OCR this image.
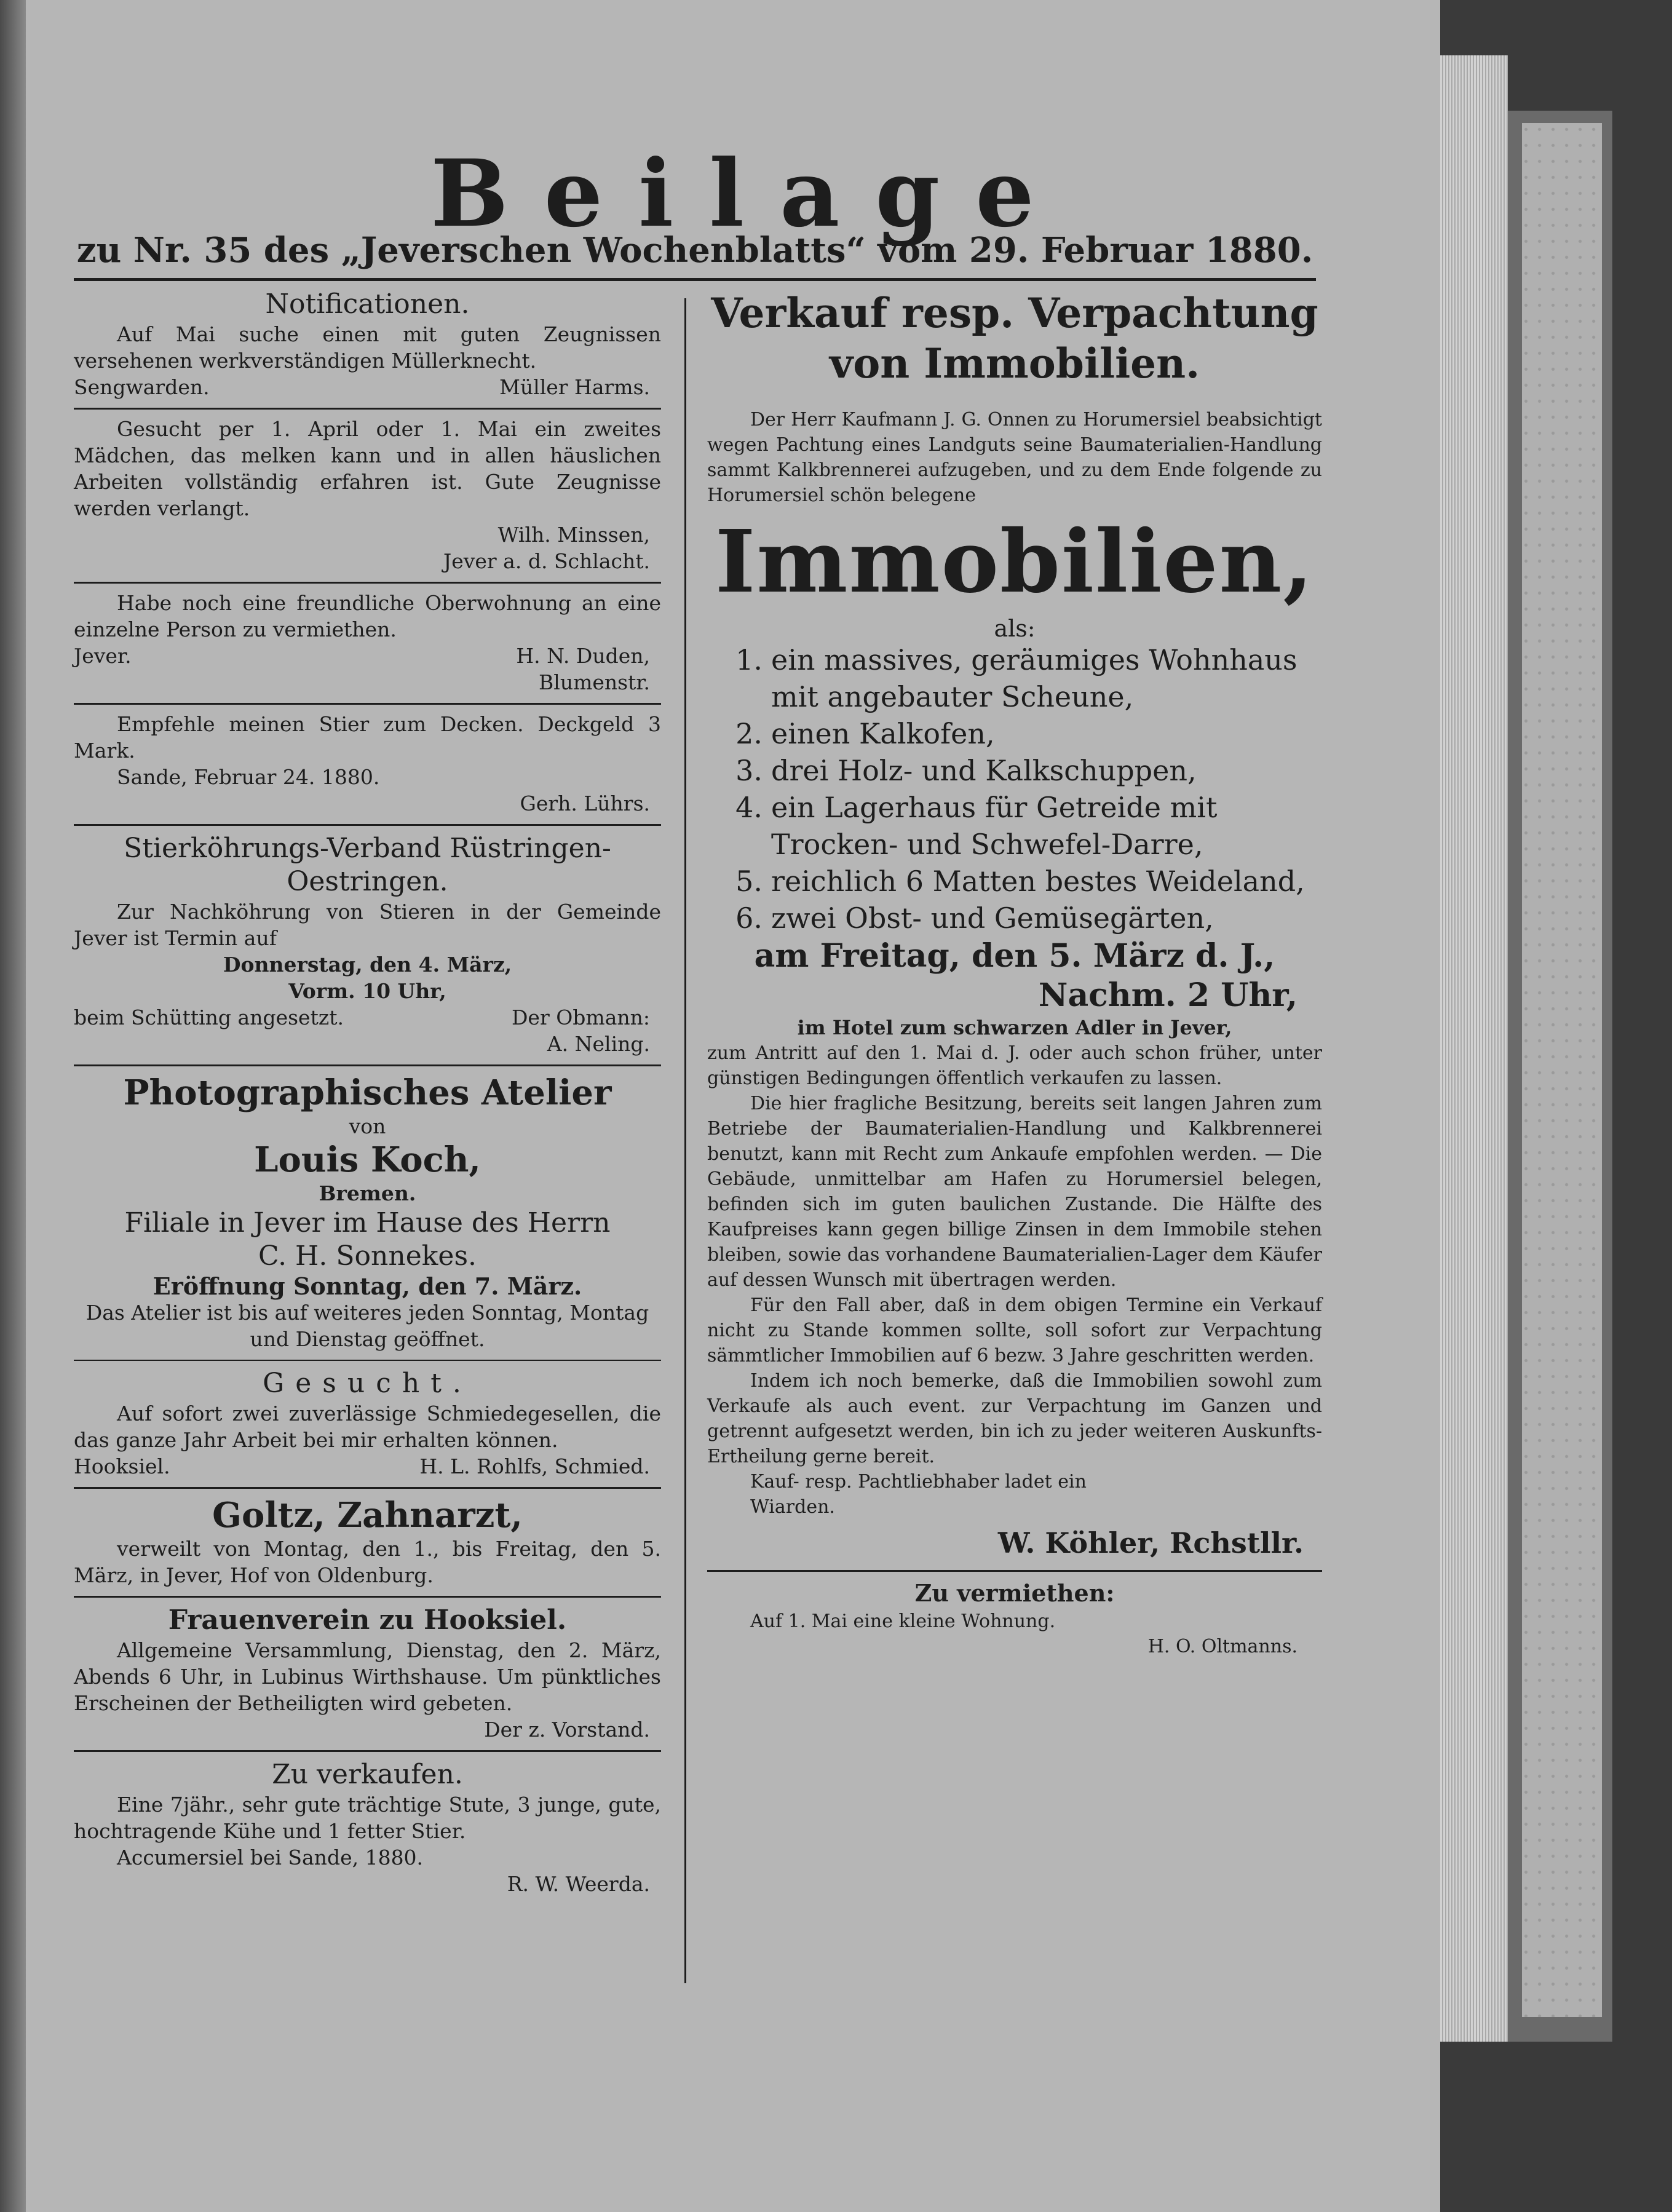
Beilage
zu Nr. 35 des „Jeverschen Wochenblatts“ vom 29. Februar 1880.
Notificationen.
Auf Mai suche einen mit guten Zeugnissen versehenen werkverständigen Müllerknecht.
Sengwarden.	Müller Harms.
Gesucht per 1. April oder 1. Mai ein zweites Mädchen, das melken kann und in allen häuslichen Arbeiten vollständig erfahren ist. Gute Zeugnisse werden verlangt.
Wilh. Minssen,
Jever a. d. Schlacht.
Habe noch eine freundliche Oberwohnung an eine einzelne Person zu vermiethen.
Jever.	H. N. Duden,
Blumenstr.
Empfehle meinen Stier zum Decken. Deckgeld 3 Mark.
Sande, Februar 24. 1880.
Gerh. Lührs.
Stierköhrungs-Verband Rüstringen-Oestringen.
Zur Nachköhrung von Stieren in der Gemeinde Jever ist Termin auf
Donnerstag, den 4. März,
Vorm. 10 Uhr,
beim Schütting angesetzt.	Der Obmann:
A. Neling.
Photographisches Atelier
von
Louis Koch,
Bremen.
Filiale in Jever im Hause des Herrn
C. H. Sonnekes.
Eröffnung Sonntag, den 7. März.
Das Atelier ist bis auf weiteres jeden Sonntag, Montag und Dienstag geöffnet.
Gesucht.
Auf sofort zwei zuverlässige Schmiedegesellen, die das ganze Jahr Arbeit bei mir erhalten können.
Hooksiel.	H. L. Rohlfs, Schmied.
Goltz, Zahnarzt,
verweilt von Montag, den 1., bis Freitag, den 5. März, in Jever, Hof von Oldenburg.
Frauenverein zu Hooksiel.
Allgemeine Versammlung, Dienstag, den 2. März, Abends 6 Uhr, in Lubinus Wirthshause. Um pünktliches Erscheinen der Betheiligten wird gebeten.
Der z. Vorstand.
Zu verkaufen.
Eine 7jähr., sehr gute trächtige Stute, 3 junge, gute, hochtragende Kühe und 1 fetter Stier.
Accumersiel bei Sande, 1880.
R. W. Weerda.
Verkauf resp. Verpachtung
von Immobilien.
Der Herr Kaufmann J. G. Onnen zu Horumersiel beabsichtigt wegen Pachtung eines Landguts seine Baumaterialien-Handlung sammt Kalkbrennerei aufzugeben, und zu dem Ende folgende zu Horumersiel schön belegene
Immobilien,
als:
1. ein massives, geräumiges Wohnhaus mit angebauter Scheune,
2. einen Kalkofen,
3. drei Holz- und Kalkschuppen,
4. ein Lagerhaus für Getreide mit Trocken- und Schwefel-Darre,
5. reichlich 6 Matten bestes Weideland,
6. zwei Obst- und Gemüsegärten,
am Freitag, den 5. März d. J.,
Nachm. 2 Uhr,
im Hotel zum schwarzen Adler in Jever,
zum Antritt auf den 1. Mai d. J. oder auch schon früher, unter günstigen Bedingungen öffentlich verkaufen zu lassen.
Die hier fragliche Besitzung, bereits seit langen Jahren zum Betriebe der Baumaterialien-Handlung und Kalkbrennerei benutzt, kann mit Recht zum Ankaufe empfohlen werden. — Die Gebäude, unmittelbar am Hafen zu Horumersiel belegen, befinden sich im guten baulichen Zustande. Die Hälfte des Kaufpreises kann gegen billige Zinsen in dem Immobile stehen bleiben, sowie das vorhandene Baumaterialien-Lager dem Käufer auf dessen Wunsch mit übertragen werden.
Für den Fall aber, daß in dem obigen Termine ein Verkauf nicht zu Stande kommen sollte, soll sofort zur Verpachtung sämmtlicher Immobilien auf 6 bezw. 3 Jahre geschritten werden.
Indem ich noch bemerke, daß die Immobilien sowohl zum Verkaufe als auch event. zur Verpachtung im Ganzen und getrennt aufgesetzt werden, bin ich zu jeder weiteren Auskunfts-Ertheilung gerne bereit.
Kauf- resp. Pachtliebhaber ladet ein
Wiarden.
W. Köhler, Rchstllr.
Zu vermiethen:
Auf 1. Mai eine kleine Wohnung.
H. O. Oltmanns.
